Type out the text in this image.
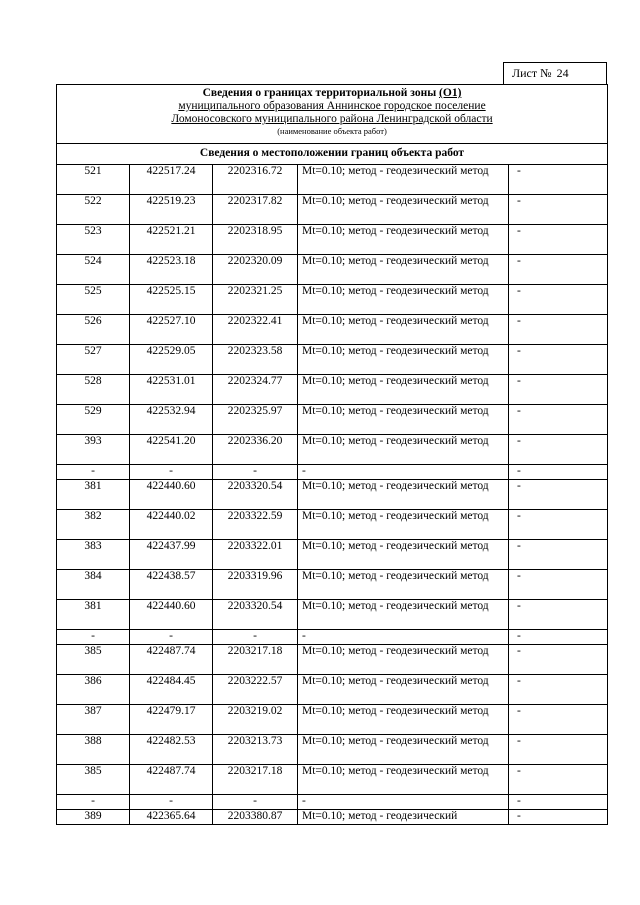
Лист № 24
Сведения о границах территориальной зоны (О1)
муниципального образования Аннинское городское поселение
Ломоносовского муниципального района Ленинградской области
(наименование объекта работ)
Сведения о местоположении границ объекта работ
521	422517.24	2202316.72	Mt=0.10; метод - геодезический метод	-
522	422519.23	2202317.82	Mt=0.10; метод - геодезический метод	-
523	422521.21	2202318.95	Mt=0.10; метод - геодезический метод	-
524	422523.18	2202320.09	Mt=0.10; метод - геодезический метод	-
525	422525.15	2202321.25	Mt=0.10; метод - геодезический метод	-
526	422527.10	2202322.41	Mt=0.10; метод - геодезический метод	-
527	422529.05	2202323.58	Mt=0.10; метод - геодезический метод	-
528	422531.01	2202324.77	Mt=0.10; метод - геодезический метод	-
529	422532.94	2202325.97	Mt=0.10; метод - геодезический метод	-
393	422541.20	2202336.20	Mt=0.10; метод - геодезический метод	-
-	-	-	-	-
381	422440.60	2203320.54	Mt=0.10; метод - геодезический метод	-
382	422440.02	2203322.59	Mt=0.10; метод - геодезический метод	-
383	422437.99	2203322.01	Mt=0.10; метод - геодезический метод	-
384	422438.57	2203319.96	Mt=0.10; метод - геодезический метод	-
381	422440.60	2203320.54	Mt=0.10; метод - геодезический метод	-
-	-	-	-	-
385	422487.74	2203217.18	Mt=0.10; метод - геодезический метод	-
386	422484.45	2203222.57	Mt=0.10; метод - геодезический метод	-
387	422479.17	2203219.02	Mt=0.10; метод - геодезический метод	-
388	422482.53	2203213.73	Mt=0.10; метод - геодезический метод	-
385	422487.74	2203217.18	Mt=0.10; метод - геодезический метод	-
-	-	-	-	-
389	422365.64	2203380.87	Mt=0.10; метод - геодезический	-
